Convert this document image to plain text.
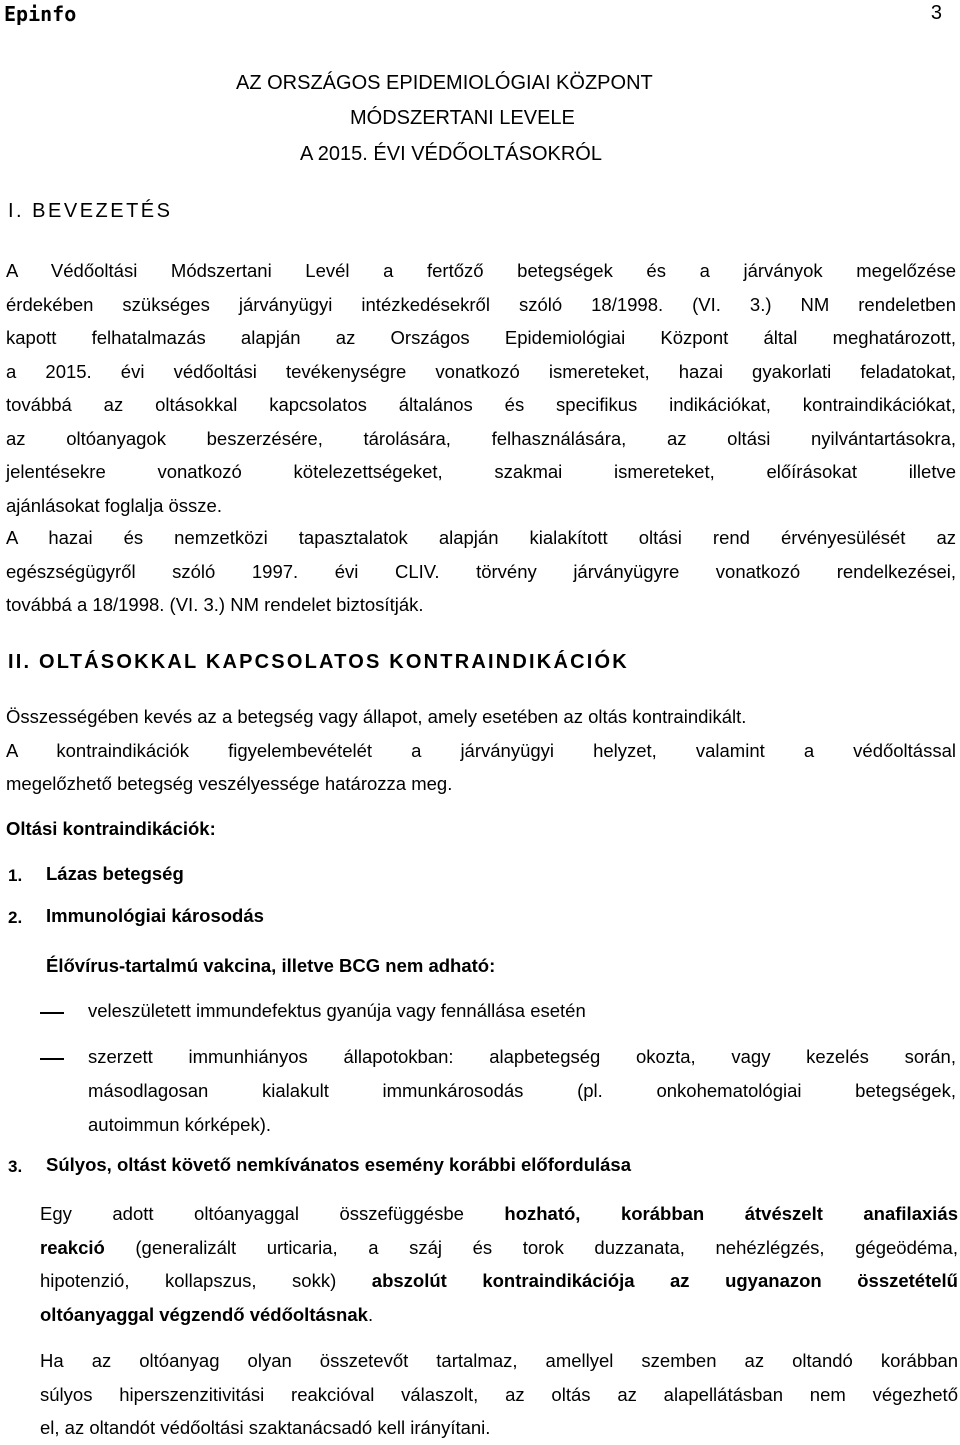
Epinfo	3
AZ ORSZÁGOS EPIDEMIOLÓGIAI KÖZPONT
MÓDSZERTANI LEVELE
A 2015. ÉVI VÉDŐOLTÁSOKRÓL
I. BEVEZETÉS
A Védőoltási Módszertani Levél a fertőző betegségek és a járványok megelőzése
érdekében szükséges járványügyi intézkedésekről szóló 18/1998. (VI. 3.) NM rendeletben
kapott felhatalmazás alapján az Országos Epidemiológiai Központ által meghatározott,
a 2015. évi védőoltási tevékenységre vonatkozó ismereteket, hazai gyakorlati feladatokat,
továbbá az oltásokkal kapcsolatos általános és specifikus indikációkat, kontraindikációkat,
az oltóanyagok beszerzésére, tárolására, felhasználására, az oltási nyilvántartásokra,
jelentésekre vonatkozó kötelezettségeket, szakmai ismereteket, előírásokat illetve
ajánlásokat foglalja össze.
A hazai és nemzetközi tapasztalatok alapján kialakított oltási rend érvényesülését az
egészségügyről szóló 1997. évi CLIV. törvény járványügyre vonatkozó rendelkezései,
továbbá a 18/1998. (VI. 3.) NM rendelet biztosítják.
II. OLTÁSOKKAL KAPCSOLATOS KONTRAINDIKÁCIÓK
Összességében kevés az a betegség vagy állapot, amely esetében az oltás kontraindikált.
A kontraindikációk figyelembevételét a járványügyi helyzet, valamint a védőoltással
megelőzhető betegség veszélyessége határozza meg.
Oltási kontraindikációk:
1. Lázas betegség
2. Immunológiai károsodás
Élővírus-tartalmú vakcina, illetve BCG nem adható:
veleszületett immundefektus gyanúja vagy fennállása esetén
szerzett immunhiányos állapotokban: alapbetegség okozta, vagy kezelés során,
másodlagosan kialakult immunkárosodás (pl. onkohematológiai betegségek,
autoimmun kórképek).
3. Súlyos, oltást követő nemkívánatos esemény korábbi előfordulása
Egy adott oltóanyaggal összefüggésbe hozható, korábban átvészelt anafilaxiás
reakció (generalizált urticaria, a száj és torok duzzanata, nehézlégzés, gégeödéma,
hipotenzió, kollapszus, sokk) abszolút kontraindikációja az ugyanazon összetételű
oltóanyaggal végzendő védőoltásnak.
Ha az oltóanyag olyan összetevőt tartalmaz, amellyel szemben az oltandó korábban
súlyos hiperszenzitivitási reakcióval válaszolt, az oltás az alapellátásban nem végezhető
el, az oltandót védőoltási szaktanácsadó kell irányítani.
